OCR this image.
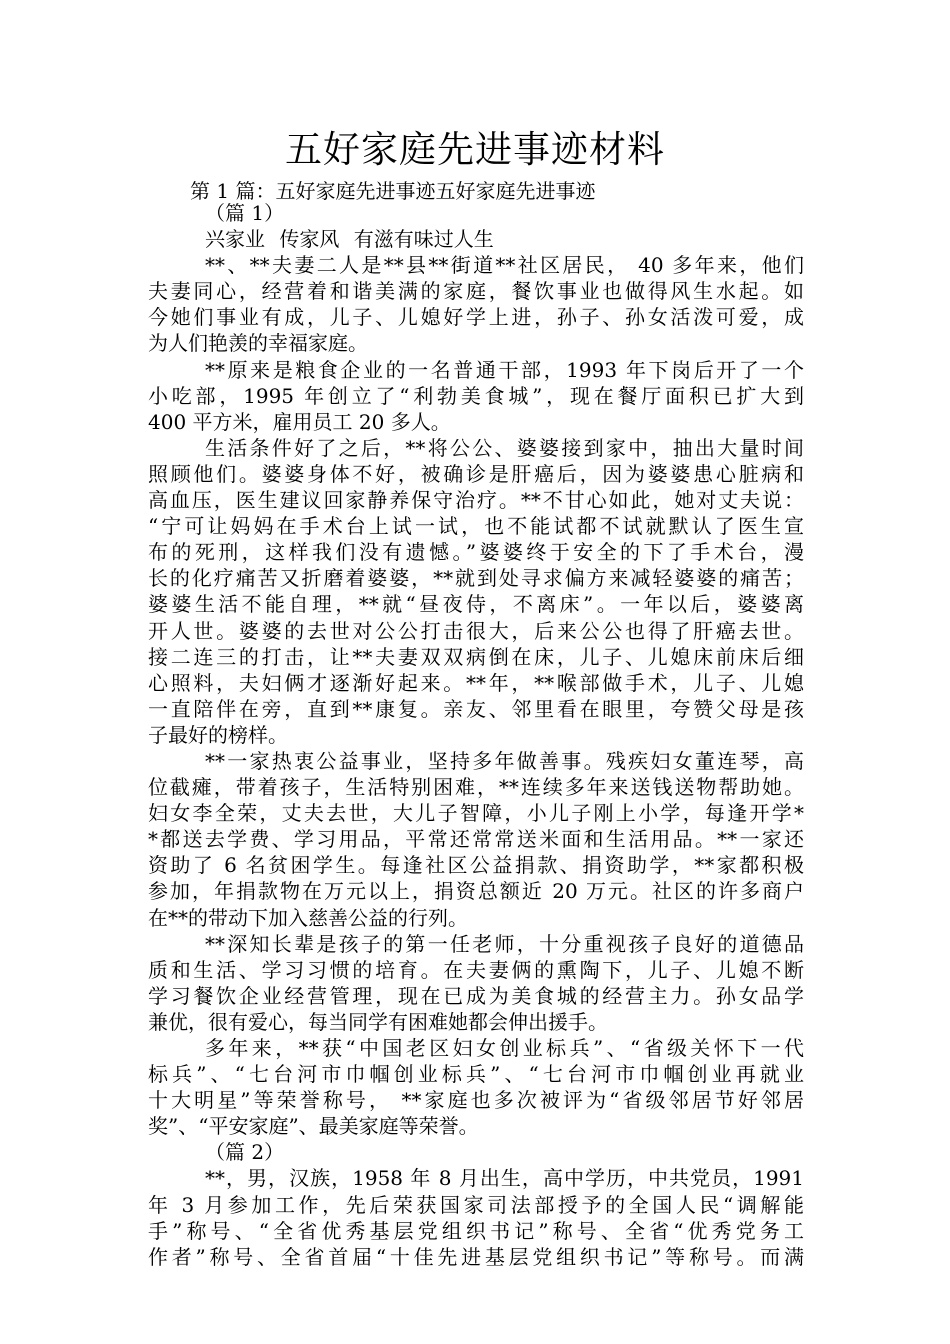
五好家庭先进事迹材料
第 1 篇：五好家庭先进事迹五好家庭先进事迹
（篇 1）
兴家业 传家风 有滋有味过人生
**、**夫妻二人是**县**街道**社区居民， 40 多年来，他们
夫妻同心，经营着和谐美满的家庭，餐饮事业也做得风生水起。如
今她们事业有成，儿子、儿媳好学上进，孙子、孙女活泼可爱，成
为人们艳羡的幸福家庭。
**原来是粮食企业的一名普通干部，1993 年下岗后开了一个
小吃部，1995 年创立了“利勃美食城”，现在餐厅面积已扩大到
400 平方米，雇用员工 20 多人。
生活条件好了之后，**将公公、婆婆接到家中，抽出大量时间
照顾他们。婆婆身体不好，被确诊是肝癌后，因为婆婆患心脏病和
高血压，医生建议回家静养保守治疗。**不甘心如此，她对丈夫说：
“宁可让妈妈在手术台上试一试，也不能试都不试就默认了医生宣
布的死刑，这样我们没有遗憾。”婆婆终于安全的下了手术台，漫
长的化疗痛苦又折磨着婆婆，**就到处寻求偏方来减轻婆婆的痛苦；
婆婆生活不能自理，**就“昼夜侍，不离床”。一年以后，婆婆离
开人世。婆婆的去世对公公打击很大，后来公公也得了肝癌去世。
接二连三的打击，让**夫妻双双病倒在床，儿子、儿媳床前床后细
心照料，夫妇俩才逐渐好起来。**年，**喉部做手术，儿子、儿媳
一直陪伴在旁，直到**康复。亲友、邻里看在眼里，夸赞父母是孩
子最好的榜样。
**一家热衷公益事业，坚持多年做善事。残疾妇女董连琴，高
位截瘫，带着孩子，生活特别困难，**连续多年来送钱送物帮助她。
妇女李全荣，丈夫去世，大儿子智障，小儿子刚上小学，每逢开学*
*都送去学费、学习用品，平常还常常送米面和生活用品。**一家还
资助了 6 名贫困学生。每逢社区公益捐款、捐资助学，**家都积极
参加，年捐款物在万元以上，捐资总额近 20 万元。社区的许多商户
在**的带动下加入慈善公益的行列。
**深知长辈是孩子的第一任老师，十分重视孩子良好的道德品
质和生活、学习习惯的培育。在夫妻俩的熏陶下，儿子、儿媳不断
学习餐饮企业经营管理，现在已成为美食城的经营主力。孙女品学
兼优，很有爱心，每当同学有困难她都会伸出援手。
多年来，**获“中国老区妇女创业标兵”、“省级关怀下一代
标兵”、“七台河市巾帼创业标兵”、“七台河市巾帼创业再就业
十大明星”等荣誉称号， **家庭也多次被评为“省级邻居节好邻居
奖”、“平安家庭”、最美家庭等荣誉。
（篇 2）
**，男，汉族，1958 年 8 月出生，高中学历，中共党员，1991
年 3 月参加工作，先后荣获国家司法部授予的全国人民“调解能
手”称号、“全省优秀基层党组织书记”称号、全省“优秀党务工
作者”称号、全省首届“十佳先进基层党组织书记”等称号。而满
